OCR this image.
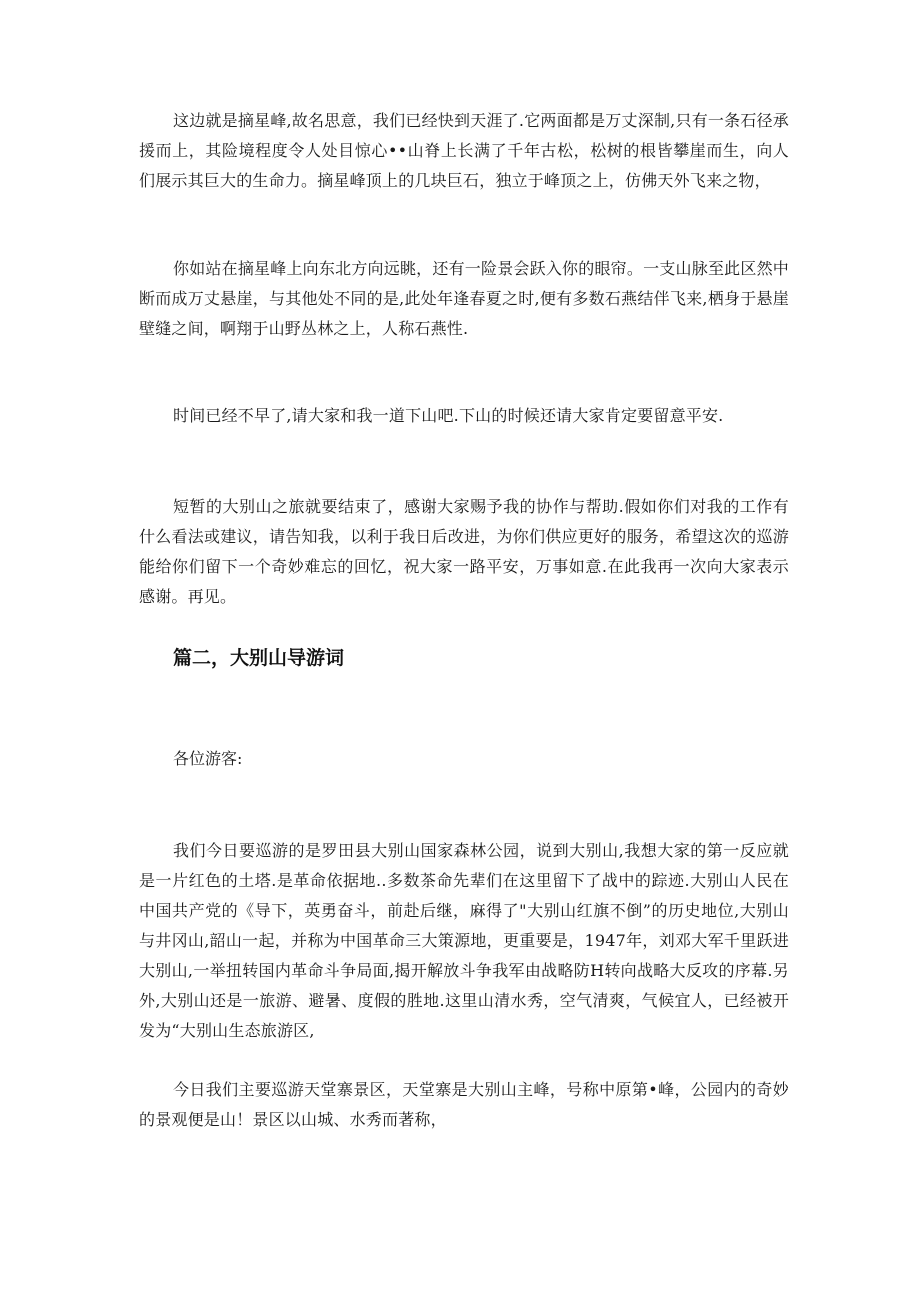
这边就是摘星峰,故名思意，我们已经快到天涯了.它两面都是万丈深制,只有一条石径承援而上，其险境程度令人处目惊心••山脊上长满了千年古松，松树的根皆攀崖而生，向人们展示其巨大的生命力。摘星峰顶上的几块巨石，独立于峰顶之上，仿佛天外飞来之物，

你如站在摘星峰上向东北方向远眺，还有一险景会跃入你的眼帘。一支山脉至此区然中断而成万丈悬崖，与其他处不同的是,此处年逢春夏之时,便有多数石燕结伴飞来,栖身于悬崖壁缝之间，啊翔于山野丛林之上，人称石燕性.

时间已经不早了,请大家和我一道下山吧.下山的时候还请大家肯定要留意平安.

短暂的大别山之旅就要结束了，感谢大家赐予我的协作与帮助.假如你们对我的工作有什么看法或建议，请告知我，以利于我日后改进，为你们供应更好的服务，希望这次的巡游能给你们留下一个奇妙难忘的回忆，祝大家一路平安，万事如意.在此我再一次向大家表示感谢。再见。

篇二，大别山导游词

各位游客:

我们今日要巡游的是罗田县大别山国家森林公园，说到大别山,我想大家的第一反应就是一片红色的土塔.是革命依据地..多数茶命先辈们在这里留下了战中的踪迹.大别山人民在中国共产党的《导下，英勇奋斗，前赴后继，麻得了"大别山红旗不倒”的历史地位,大别山与井冈山,韶山一起，并称为中国革命三大策源地，更重要是，1947年，刘邓大军千里跃进大别山,一举扭转国内革命斗争局面,揭开解放斗争我军由战略防H转向战略大反攻的序幕.另外,大别山还是一旅游、避暑、度假的胜地.这里山清水秀，空气清爽，气候宜人，已经被开发为“大别山生态旅游区,

今日我们主要巡游天堂寨景区，天堂寨是大别山主峰，号称中原第•峰，公园内的奇妙的景观便是山！景区以山城、水秀而著称，
